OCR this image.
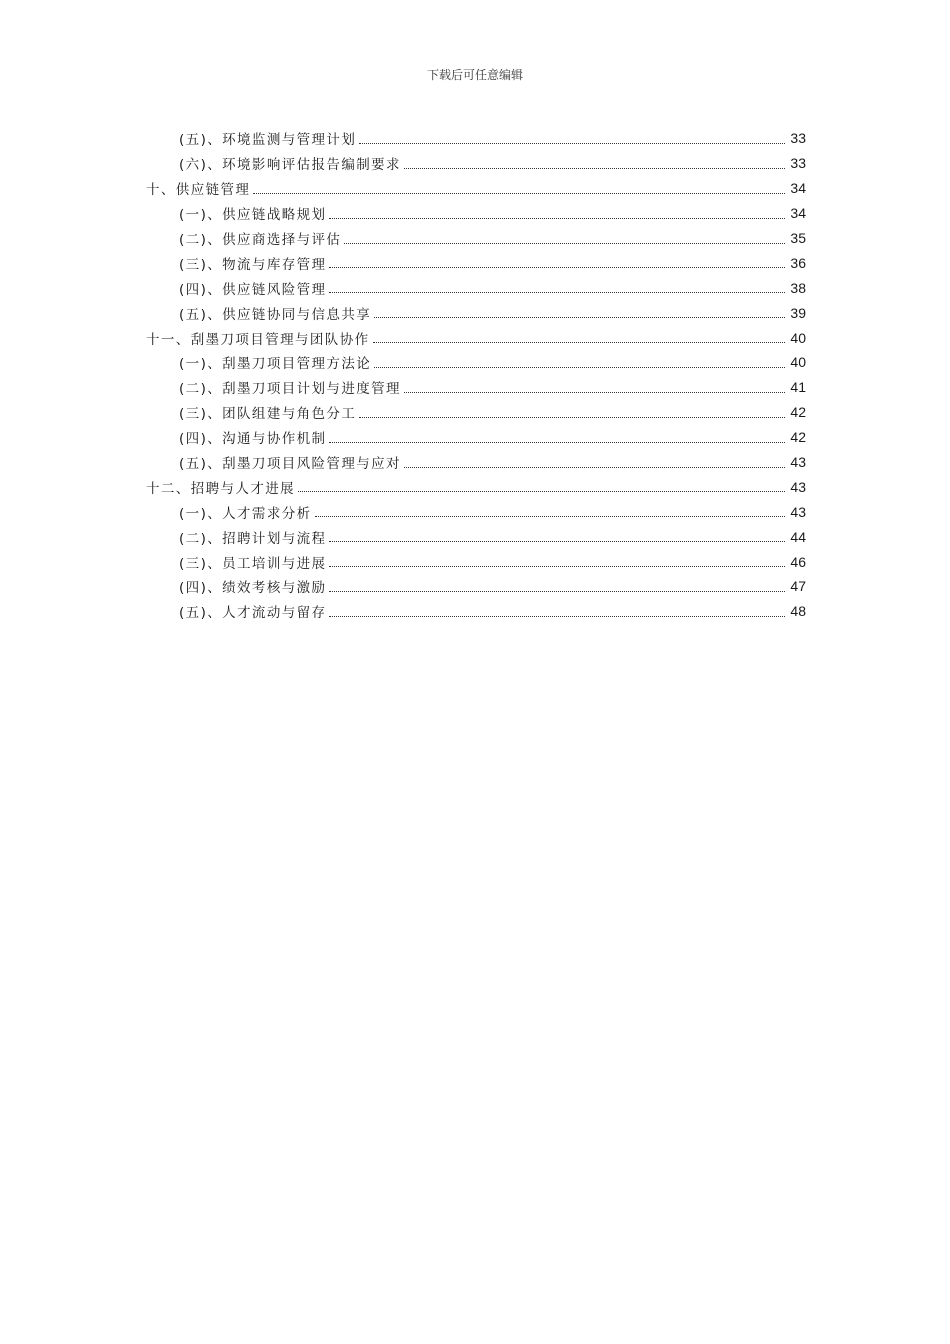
下载后可任意编辑
(五)、环境监测与管理计划	33
(六)、环境影响评估报告编制要求	33
十、供应链管理	34
(一)、供应链战略规划	34
(二)、供应商选择与评估	35
(三)、物流与库存管理	36
(四)、供应链风险管理	38
(五)、供应链协同与信息共享	39
十一、刮墨刀项目管理与团队协作	40
(一)、刮墨刀项目管理方法论	40
(二)、刮墨刀项目计划与进度管理	41
(三)、团队组建与角色分工	42
(四)、沟通与协作机制	42
(五)、刮墨刀项目风险管理与应对	43
十二、招聘与人才进展	43
(一)、人才需求分析	43
(二)、招聘计划与流程	44
(三)、员工培训与进展	46
(四)、绩效考核与激励	47
(五)、人才流动与留存	48
